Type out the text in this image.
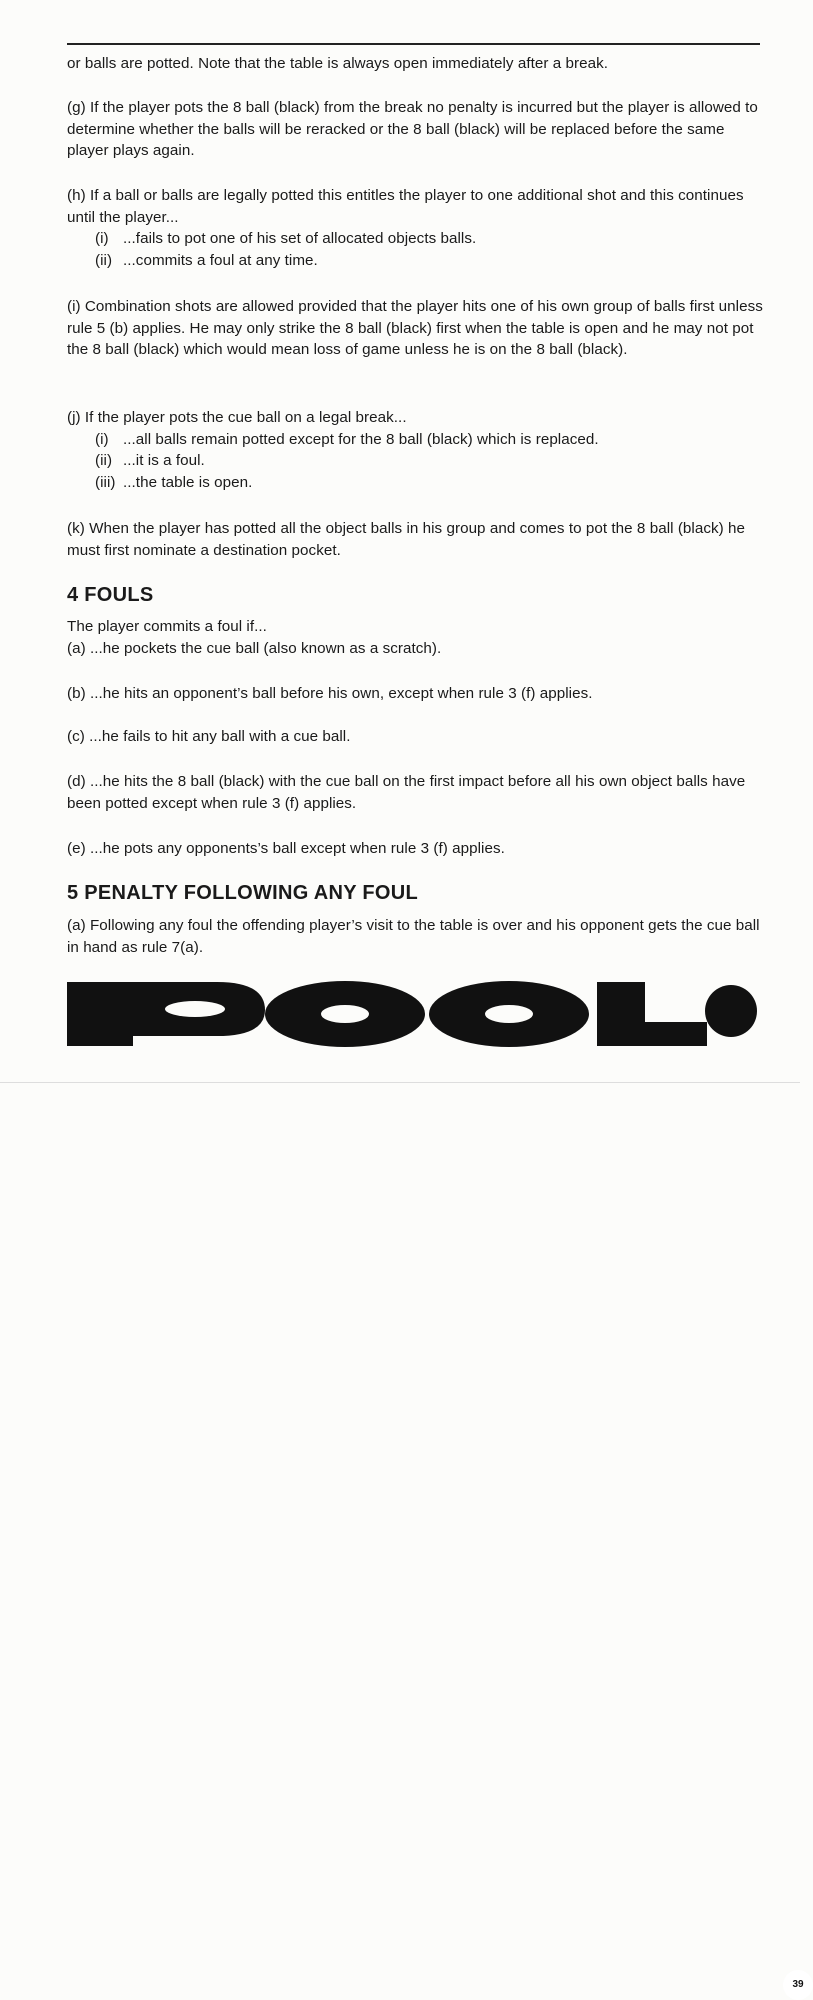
or balls are potted. Note that the table is always open immediately after a break.

(g) If the player pots the 8 ball (black) from the break no penalty is incurred but the player is allowed to determine whether the balls will be reracked or the 8 ball (black) will be replaced before the same player plays again.

(h) If a ball or balls are legally potted this entitles the player to one additional shot and this continues until the player...

(i) ...fails to pot one of his set of allocated objects balls.

(ii) ...commits a foul at any time.

(i) Combination shots are allowed provided that the player hits one of his own group of balls first unless rule 5 (b) applies. He may only strike the 8 ball (black) first when the table is open and he may not pot the 8 ball (black) which would mean loss of game unless he is on the 8 ball (black).

(j) If the player pots the cue ball on a legal break...

(i) ...all balls remain potted except for the 8 ball (black) which is replaced.

(ii) ...it is a foul.

(iii) ...the table is open.

(k) When the player has potted all the object balls in his group and comes to pot the 8 ball (black) he must first nominate a destination pocket.

4 FOULS

The player commits a foul if...

(a) ...he pockets the cue ball (also known as a scratch).

(b) ...he hits an opponent’s ball before his own, except when rule 3 (f) applies.

(c) ...he fails to hit any ball with a cue ball.

(d) ...he hits the 8 ball (black) with the cue ball on the first impact before all his own object balls have been potted except when rule 3 (f) applies.

(e) ...he pots any opponents’s ball except when rule 3 (f) applies.

5 PENALTY FOLLOWING ANY FOUL

(a) Following any foul the offending player’s visit to the table is over and his opponent gets the cue ball in hand as rule 7(a).

39
